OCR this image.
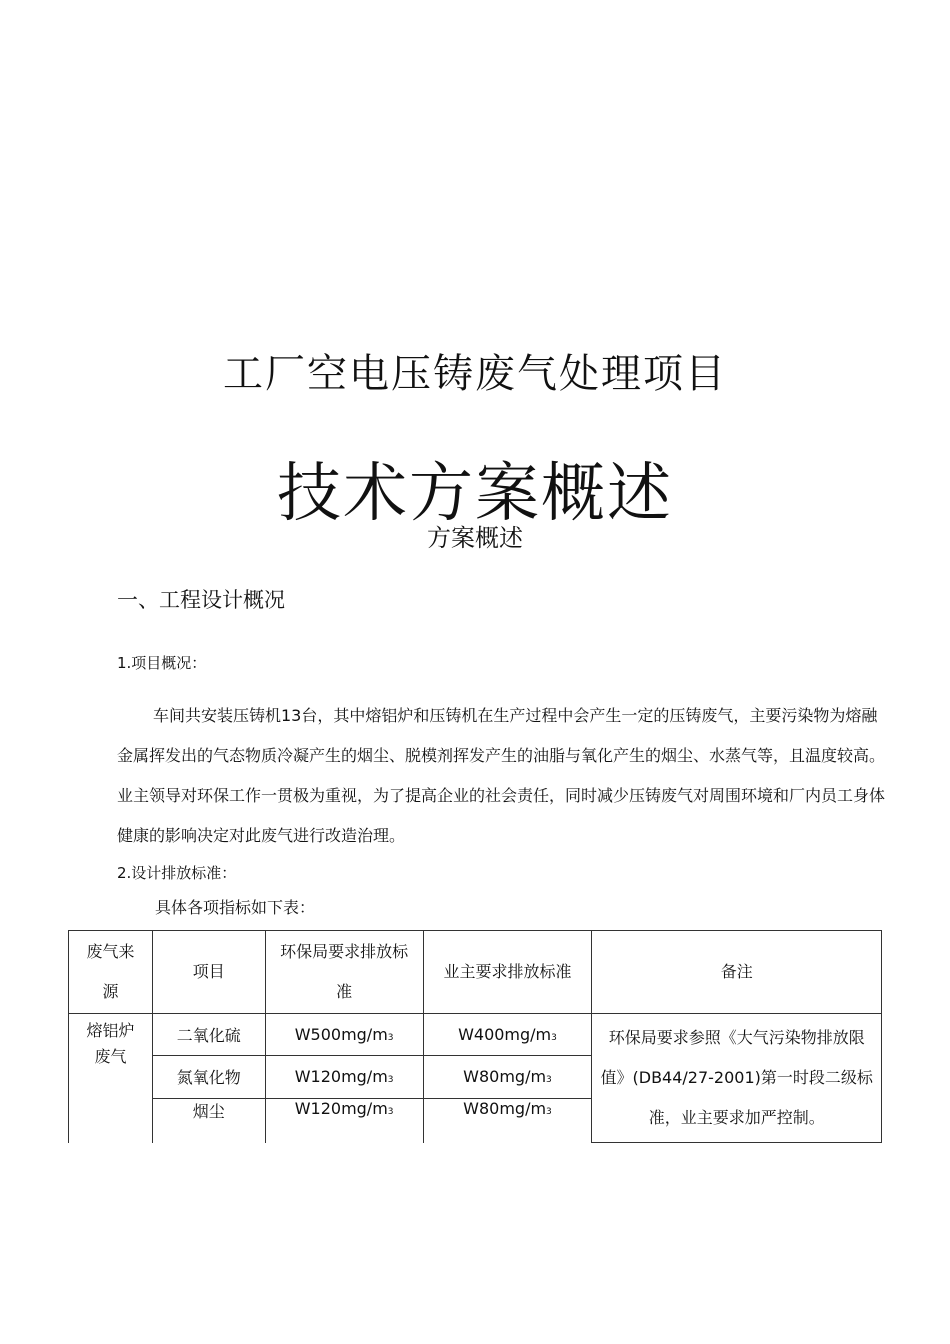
工厂空电压铸废气处理项目
技术方案概述
方案概述
一、工程设计概况
1.项目概况：

车间共安装压铸机13台，其中熔铝炉和压铸机在生产过程中会产生一定的压铸废气，主要污染物为熔融金属挥发出的气态物质冷凝产生的烟尘、脱模剂挥发产生的油脂与氧化产生的烟尘、水蒸气等，且温度较高。业主领导对环保工作一贯极为重视，为了提高企业的社会责任，同时减少压铸废气对周围环境和厂内员工身体健康的影响决定对此废气进行改造治理。

2.设计排放标准：
具体各项指标如下表：
废气来源	项目	环保局要求排放标准	业主要求排放标准	备注
熔铝炉废气	二氧化硫	W500mg/m3	W400mg/m3	环保局要求参照《大气污染物排放限值》(DB44/27-2001)第一时段二级标准，业主要求加严控制。
	氮氧化物	W120mg/m3	W80mg/m3	
	烟尘	W120mg/m3	W80mg/m3	
